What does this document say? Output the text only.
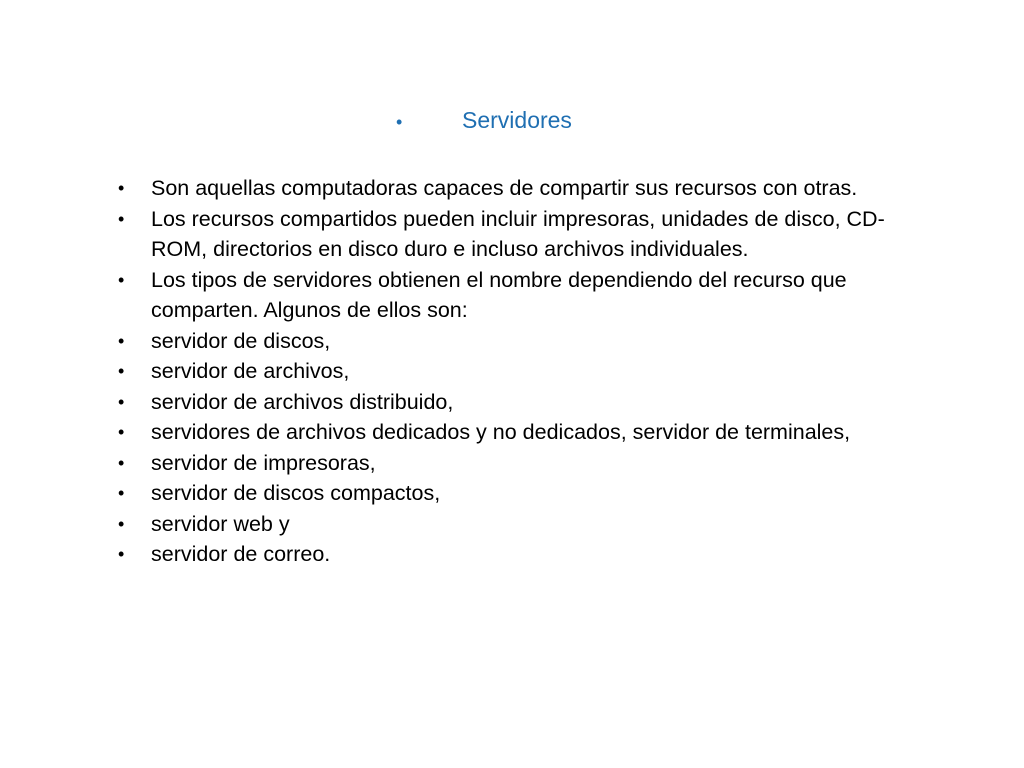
•	Servidores
•	Son aquellas computadoras capaces de compartir sus recursos con otras.
•	Los recursos compartidos pueden incluir impresoras, unidades de disco, CD-ROM, directorios en disco duro e incluso archivos individuales.
•	Los tipos de servidores obtienen el nombre dependiendo del recurso que comparten. Algunos de ellos son:
•	servidor de discos,
•	servidor de archivos,
•	servidor de archivos distribuido,
•	servidores de archivos dedicados y no dedicados, servidor de terminales,
•	servidor de impresoras,
•	servidor de discos compactos,
•	servidor web y
•	servidor de correo.
